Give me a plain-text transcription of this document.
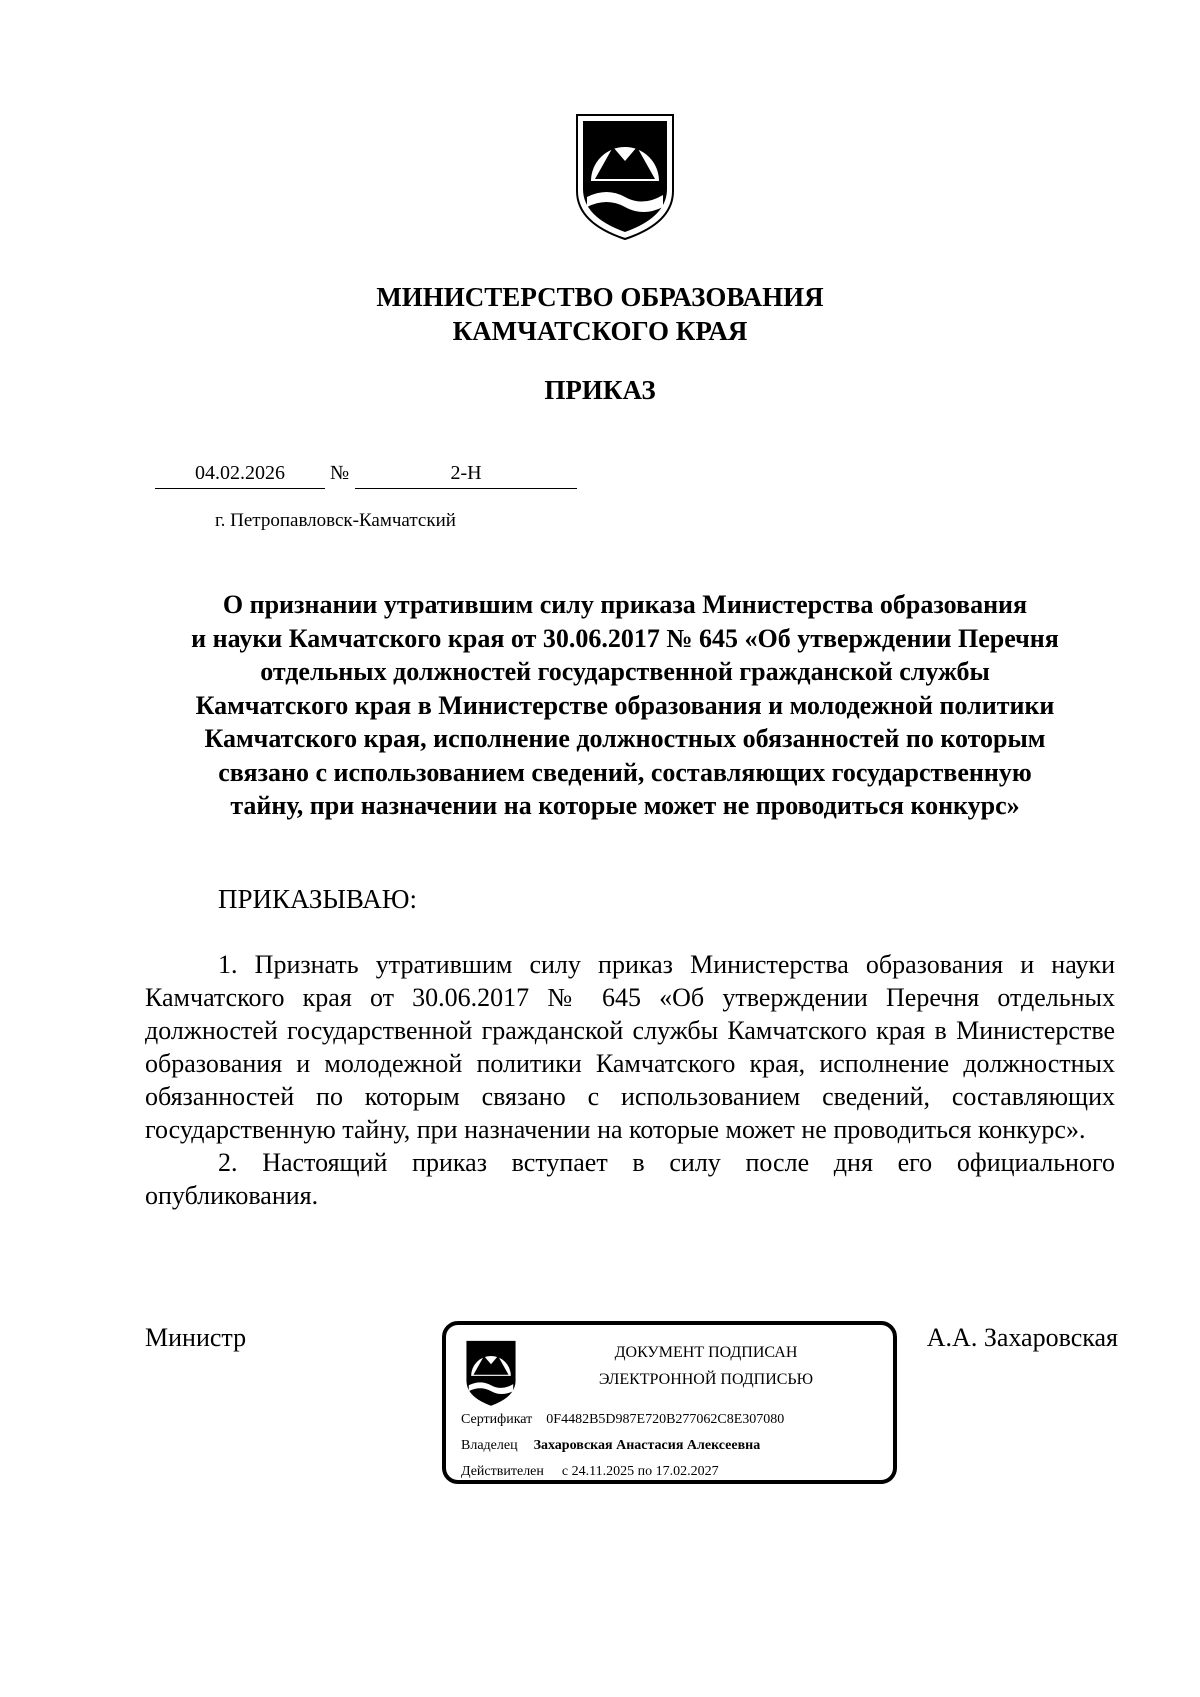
МИНИСТЕРСТВО ОБРАЗОВАНИЯ
КАМЧАТСКОГО КРАЯ
ПРИКАЗ
04.02.2026	№	2-Н
г. Петропавловск-Камчатский
О признании утратившим силу приказа Министерства образования
и науки Камчатского края от 30.06.2017 № 645 «Об утверждении Перечня
отдельных должностей государственной гражданской службы
Камчатского края в Министерстве образования и молодежной политики
Камчатского края, исполнение должностных обязанностей по которым
связано с использованием сведений, составляющих государственную
тайну, при назначении на которые может не проводиться конкурс»
ПРИКАЗЫВАЮ:

1. Признать утратившим силу приказ Министерства образования и науки Камчатского края от 30.06.2017 № 645 «Об утверждении Перечня отдельных должностей государственной гражданской службы Камчатского края в Министерстве образования и молодежной политики Камчатского края, исполнение должностных обязанностей по которым связано с использованием сведений, составляющих государственную тайну, при назначении на которые может не проводиться конкурс».

2. Настоящий приказ вступает в силу после дня его официального опубликования.

Министр	А.А. Захаровская
ДОКУМЕНТ ПОДПИСАН
ЭЛЕКТРОННОЙ ПОДПИСЬЮ
Сертификат 0F4482B5D987E720B277062C8E307080
Владелец Захаровская Анастасия Алексеевна
Действителен с 24.11.2025 по 17.02.2027
